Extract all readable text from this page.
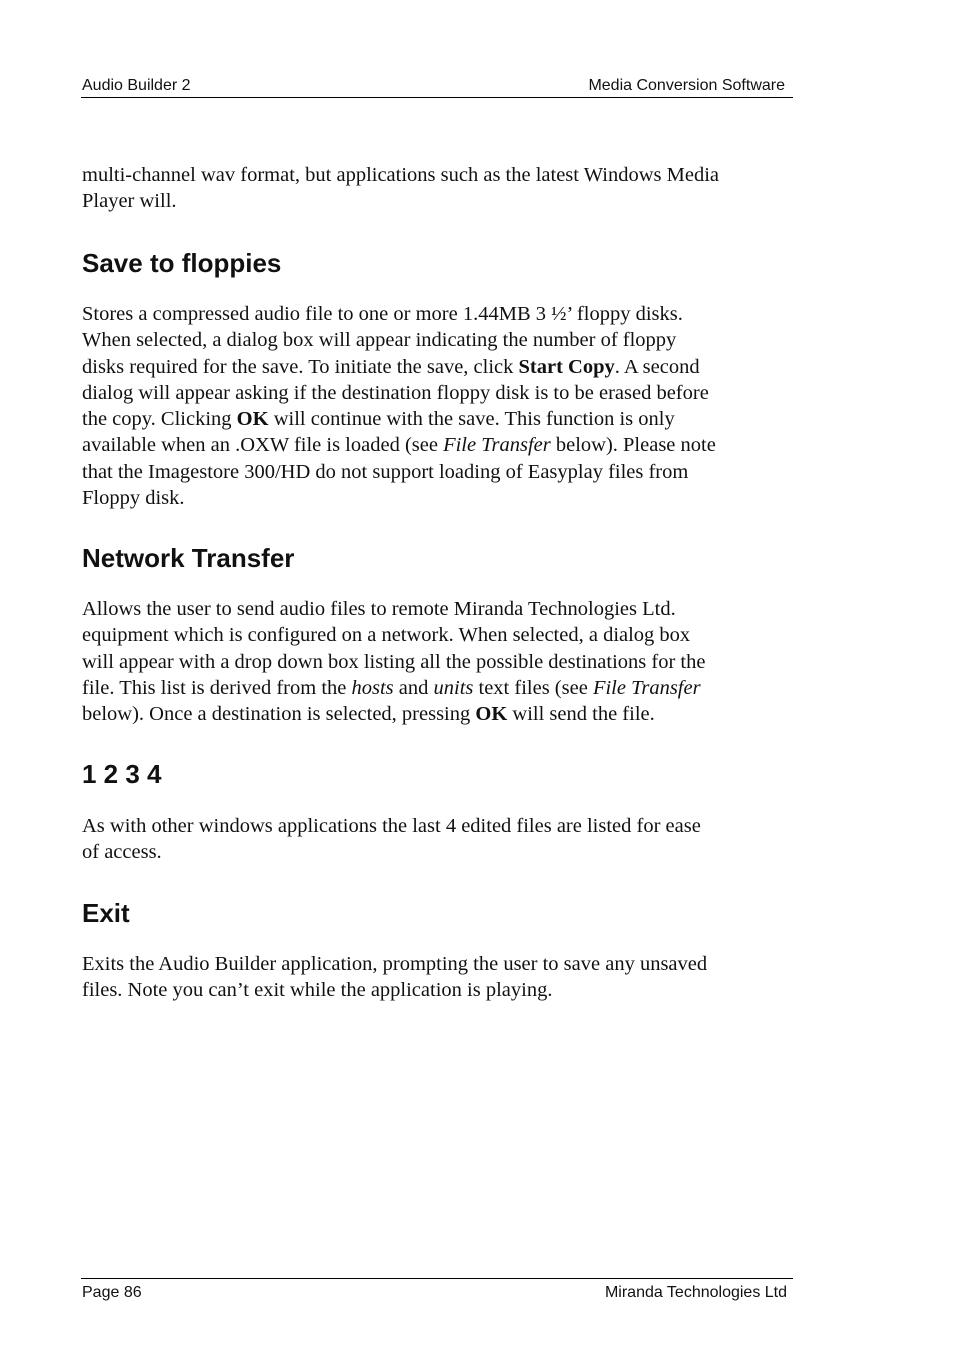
Audio Builder 2	Media Conversion Software

multi-channel wav format, but applications such as the latest Windows Media
Player will.

Save to floppies

Stores a compressed audio file to one or more 1.44MB 3 ½’ floppy disks.
When selected, a dialog box will appear indicating the number of floppy
disks required for the save. To initiate the save, click Start Copy. A second
dialog will appear asking if the destination floppy disk is to be erased before
the copy. Clicking OK will continue with the save. This function is only
available when an .OXW file is loaded (see File Transfer below). Please note
that the Imagestore 300/HD do not support loading of Easyplay files from
Floppy disk.

Network Transfer

Allows the user to send audio files to remote Miranda Technologies Ltd.
equipment which is configured on a network. When selected, a dialog box
will appear with a drop down box listing all the possible destinations for the
file. This list is derived from the hosts and units text files (see File Transfer
below). Once a destination is selected, pressing OK will send the file.

1 2 3 4

As with other windows applications the last 4 edited files are listed for ease
of access.

Exit

Exits the Audio Builder application, prompting the user to save any unsaved
files. Note you can’t exit while the application is playing.

Page 86	Miranda Technologies Ltd
